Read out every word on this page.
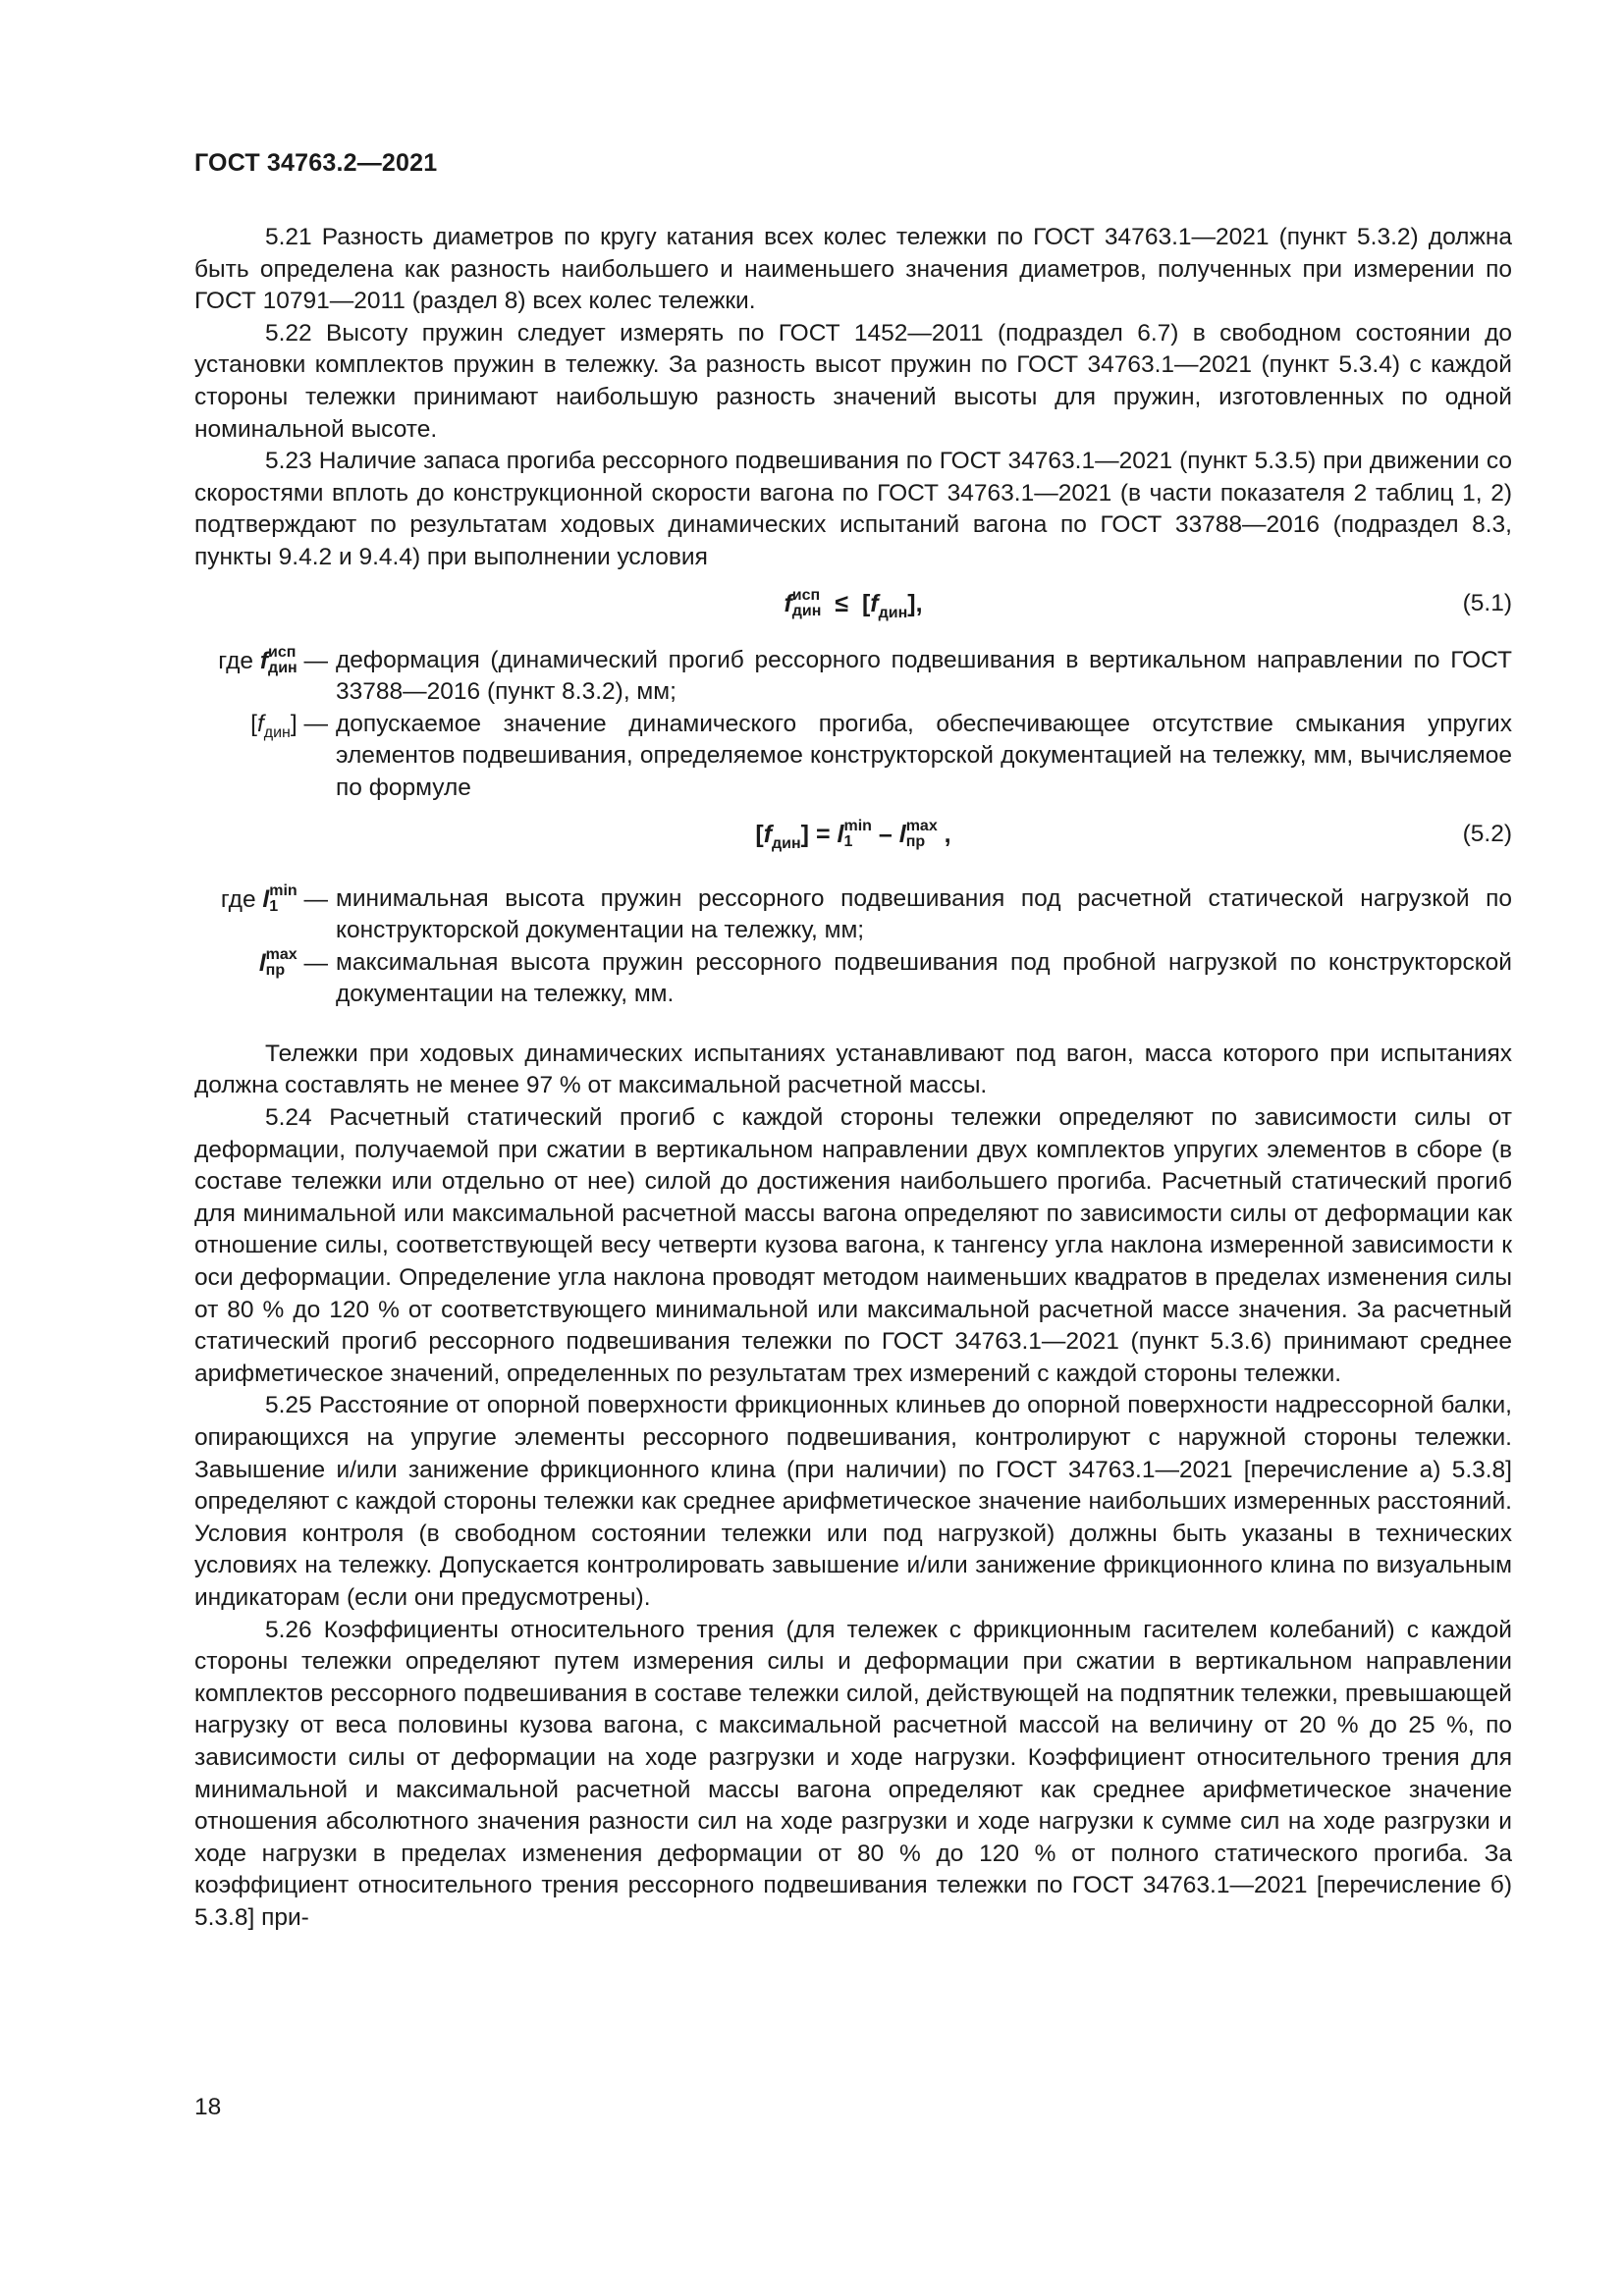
ГОСТ 34763.2—2021

5.21 Разность диаметров по кругу катания всех колес тележки по ГОСТ 34763.1—2021 (пункт 5.3.2) должна быть определена как разность наибольшего и наименьшего значения диаметров, полученных при измерении по ГОСТ 10791—2011 (раздел 8) всех колес тележки.

5.22 Высоту пружин следует измерять по ГОСТ 1452—2011 (подраздел 6.7) в свободном состоянии до установки комплектов пружин в тележку. За разность высот пружин по ГОСТ 34763.1—2021 (пункт 5.3.4) с каждой стороны тележки принимают наибольшую разность значений высоты для пружин, изготовленных по одной номинальной высоте.

5.23 Наличие запаса прогиба рессорного подвешивания по ГОСТ 34763.1—2021 (пункт 5.3.5) при движении со скоростями вплоть до конструкционной скорости вагона по ГОСТ 34763.1—2021 (в части показателя 2 таблиц 1, 2) подтверждают по результатам ходовых динамических испытаний вагона по ГОСТ 33788—2016 (подраздел 8.3, пункты 9.4.2 и 9.4.4) при выполнении условия

f исп
дин ≤ $[f_{дин}]$,	(5.1)
где f исп
дин — деформация (динамический прогиб рессорного подвешивания в вертикальном направлении по ГОСТ 33788—2016 (пункт 8.3.2), мм;
$[f_{дин}]$ — допускаемое значение динамического прогиба, обеспечивающее отсутствие смыкания упругих элементов подвешивания, определяемое конструкторской документацией на тележку, мм, вычисляемое по формуле
$[f_{дин}] = l$ min
1	– l max
пр ,	(5.2)
где l min
1	— минимальная высота пружин рессорного подвешивания под расчетной статической нагрузкой по конструкторской документации на тележку, мм;
l max
пр — максимальная высота пружин рессорного подвешивания под пробной нагрузкой по конструкторской документации на тележку, мм.

Тележки при ходовых динамических испытаниях устанавливают под вагон, масса которого при испытаниях должна составлять не менее 97 % от максимальной расчетной массы.

5.24 Расчетный статический прогиб с каждой стороны тележки определяют по зависимости силы от деформации, получаемой при сжатии в вертикальном направлении двух комплектов упругих элементов в сборе (в составе тележки или отдельно от нее) силой до достижения наибольшего прогиба. Расчетный статический прогиб для минимальной или максимальной расчетной массы вагона определяют по зависимости силы от деформации как отношение силы, соответствующей весу четверти кузова вагона, к тангенсу угла наклона измеренной зависимости к оси деформации. Определение угла наклона проводят методом наименьших квадратов в пределах изменения силы от 80 % до 120 % от соответствующего минимальной или максимальной расчетной массе значения. За расчетный статический прогиб рессорного подвешивания тележки по ГОСТ 34763.1—2021 (пункт 5.3.6) принимают среднее арифметическое значений, определенных по результатам трех измерений с каждой стороны тележки.

5.25 Расстояние от опорной поверхности фрикционных клиньев до опорной поверхности надрессорной балки, опирающихся на упругие элементы рессорного подвешивания, контролируют с наружной стороны тележки. Завышение и/или занижение фрикционного клина (при наличии) по ГОСТ 34763.1—2021 [перечисление а) 5.3.8] определяют с каждой стороны тележки как среднее арифметическое значение наибольших измеренных расстояний. Условия контроля (в свободном состоянии тележки или под нагрузкой) должны быть указаны в технических условиях на тележку. Допускается контролировать завышение и/или занижение фрикционного клина по визуальным индикаторам (если они предусмотрены).

5.26 Коэффициенты относительного трения (для тележек с фрикционным гасителем колебаний) с каждой стороны тележки определяют путем измерения силы и деформации при сжатии в вертикальном направлении комплектов рессорного подвешивания в составе тележки силой, действующей на подпятник тележки, превышающей нагрузку от веса половины кузова вагона, с максимальной расчетной массой на величину от 20 % до 25 %, по зависимости силы от деформации на ходе разгрузки и ходе нагрузки. Коэффициент относительного трения для минимальной и максимальной расчетной массы вагона определяют как среднее арифметическое значение отношения абсолютного значения разности сил на ходе разгрузки и ходе нагрузки к сумме сил на ходе разгрузки и ходе нагрузки в пределах изменения деформации от 80 % до 120 % от полного статического прогиба. За коэффициент относительного трения рессорного подвешивания тележки по ГОСТ 34763.1—2021 [перечисление б) 5.3.8] при-

18
